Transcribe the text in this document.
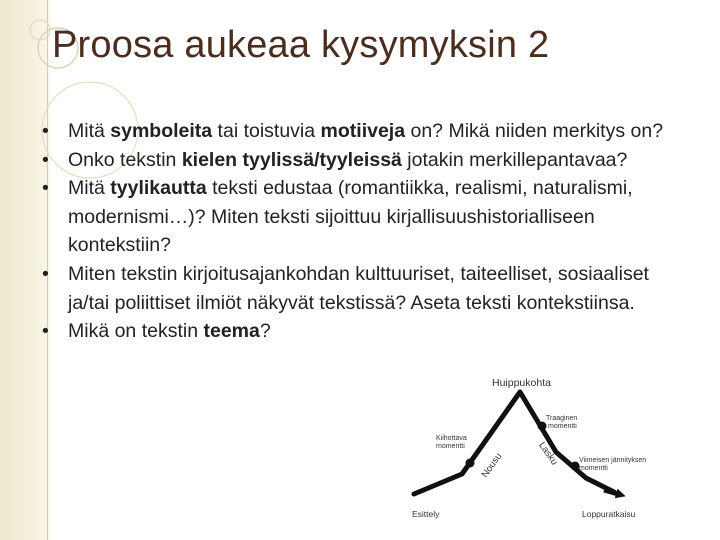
Proosa aukeaa kysymyksin 2
• Mitä symboleita tai toistuvia motiiveja on? Mikä niiden merkitys on?
• Onko tekstin kielen tyylissä/tyyleissä jotakin merkillepantavaa?
• Mitä tyylikautta teksti edustaa (romantiikka, realismi, naturalismi, modernismi…)? Miten teksti sijoittuu kirjallisuushistorialliseen kontekstiin?
• Miten tekstin kirjoitusajankohdan kulttuuriset, taiteelliset, sosiaaliset ja/tai poliittiset ilmiöt näkyvät tekstissä? Aseta teksti kontekstiinsa.
• Mikä on tekstin teema?
Huippukohta
Traaginen
momentti
Kiihottava
momentti
Nousu	Lasku	Viimeisen jännityksen
momentti
Esittely	Loppuratkaisu
